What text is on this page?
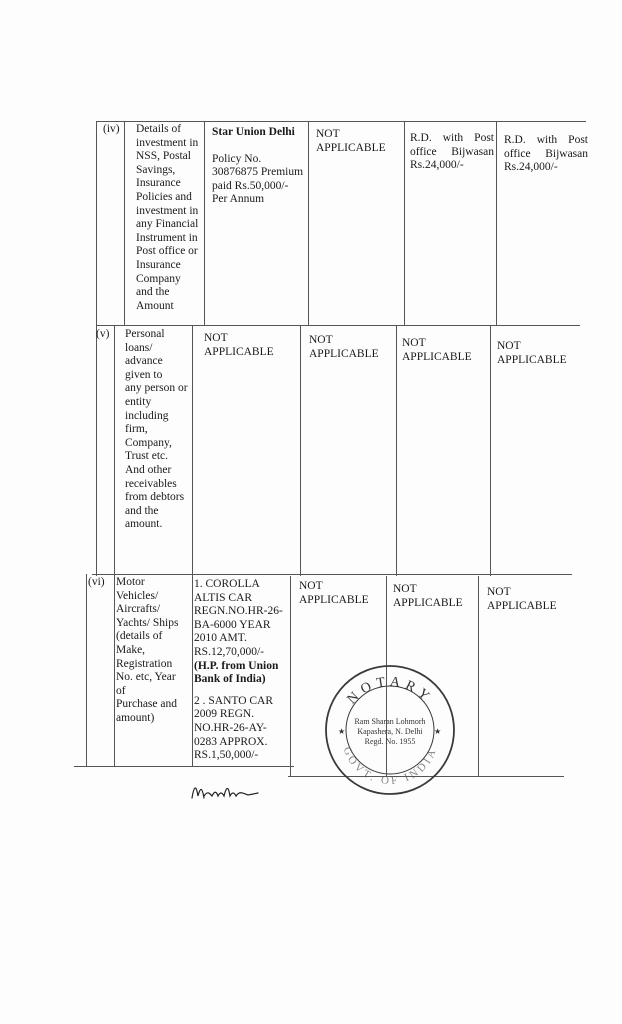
(iv) Details of
investment in
NSS, Postal
Savings,
Insurance
Policies and
investment in
any Financial
Instrument in
Post office or
Insurance
Company
and the
Amount
Star Union Delhi
Policy No.
30876875 Premium
paid Rs.50,000/-
Per Annum
NOT
APPLICABLE
R.D. with Post
office Bijwasan
Rs.24,000/-
R.D. with Post
office Bijwasan
Rs.24,000/-
(v) Personal
loans/
advance
given to
any person or
entity
including
firm,
Company,
Trust etc.
And other
receivables
from debtors
and the
amount.
NOT
APPLICABLE
NOT
APPLICABLE
NOT
APPLICABLE
NOT
APPLICABLE
(vi) Motor
Vehicles/
Aircrafts/
Yachts/ Ships
(details of
Make,
Registration
No. etc, Year
of
Purchase and
amount)
1. COROLLA
ALTIS CAR
REGN.NO.HR-26-
BA-6000 YEAR
2010 AMT.
RS.12,70,000/-
(H.P. from Union
Bank of India)
2 . SANTO CAR
2009 REGN.
NO.HR-26-AY-
0283 APPROX.
RS.1,50,000/-
NOT
APPLICABLE
NOT
APPLICABLE
NOT
APPLICABLE
NOTARY
GOVT. OF INDIA
Ram Sharan Lohmorh
Kapashera, N. Delhi
Regd. No. 1955
★	★
